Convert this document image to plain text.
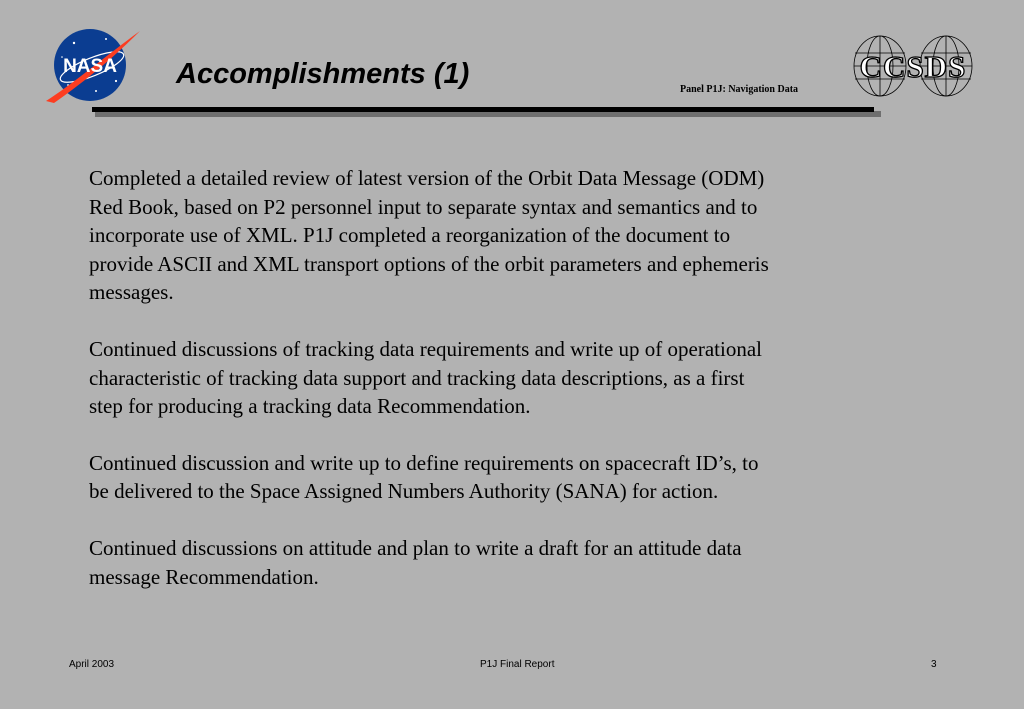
NASA Accomplishments (1)	Panel P1J: Navigation Data
CCSDS

Completed a detailed review of latest version of the Orbit Data Message (ODM)
Red Book, based on P2 personnel input to separate syntax and semantics and to
incorporate use of XML. P1J completed a reorganization of the document to
provide ASCII and XML transport options of the orbit parameters and ephemeris
messages.

Continued discussions of tracking data requirements and write up of operational
characteristic of tracking data support and tracking data descriptions, as a first
step for producing a tracking data Recommendation.

Continued discussion and write up to define requirements on spacecraft ID’s, to
be delivered to the Space Assigned Numbers Authority (SANA) for action.

Continued discussions on attitude and plan to write a draft for an attitude data
message Recommendation.

April 2003	P1J Final Report	3
